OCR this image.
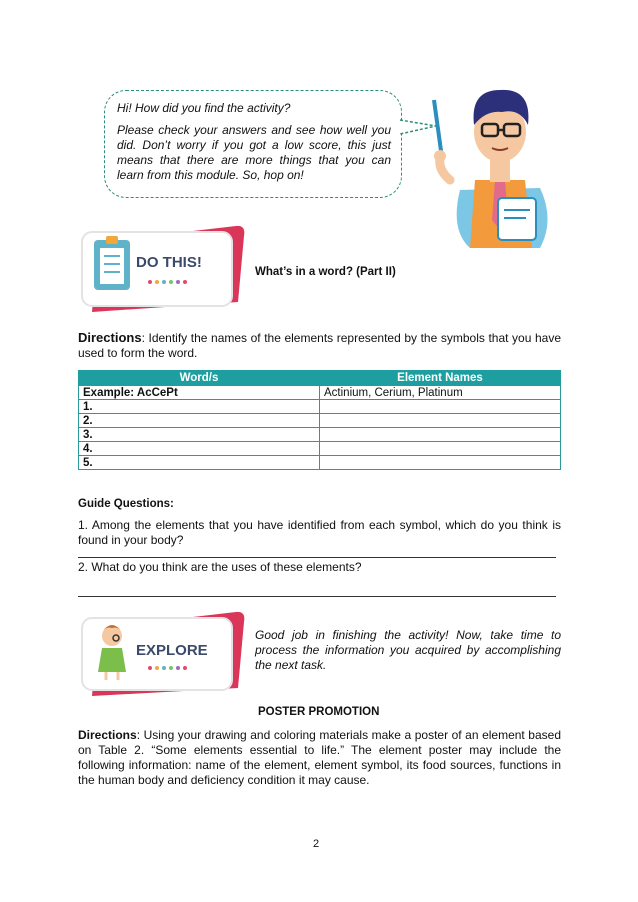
Hi! How did you find the activity?

Please check your answers and see how well you did. Don’t worry if you got a low score, this just means that there are more things that you can learn from this module. So, hop on!

DO THIS!
What’s in a word? (Part II)
Directions: Identify the names of the elements represented by the symbols that you have used to form the word.
Word/s	Element Names
Example: AcCePt	Actinium, Cerium, Platinum
1.	
2.	
3.	
4.	
5.	
Guide Questions:
1. Among the elements that you have identified from each symbol, which do you think is found in your body?
2. What do you think are the uses of these elements?
EXPLORE
Good job in finishing the activity! Now, take time to process the information you acquired by accomplishing the next task.
POSTER PROMOTION
Directions: Using your drawing and coloring materials make a poster of an element based on Table 2. “Some elements essential to life.” The element poster may include the following information: name of the element, element symbol, its food sources, functions in the human body and deficiency condition it may cause.
2
